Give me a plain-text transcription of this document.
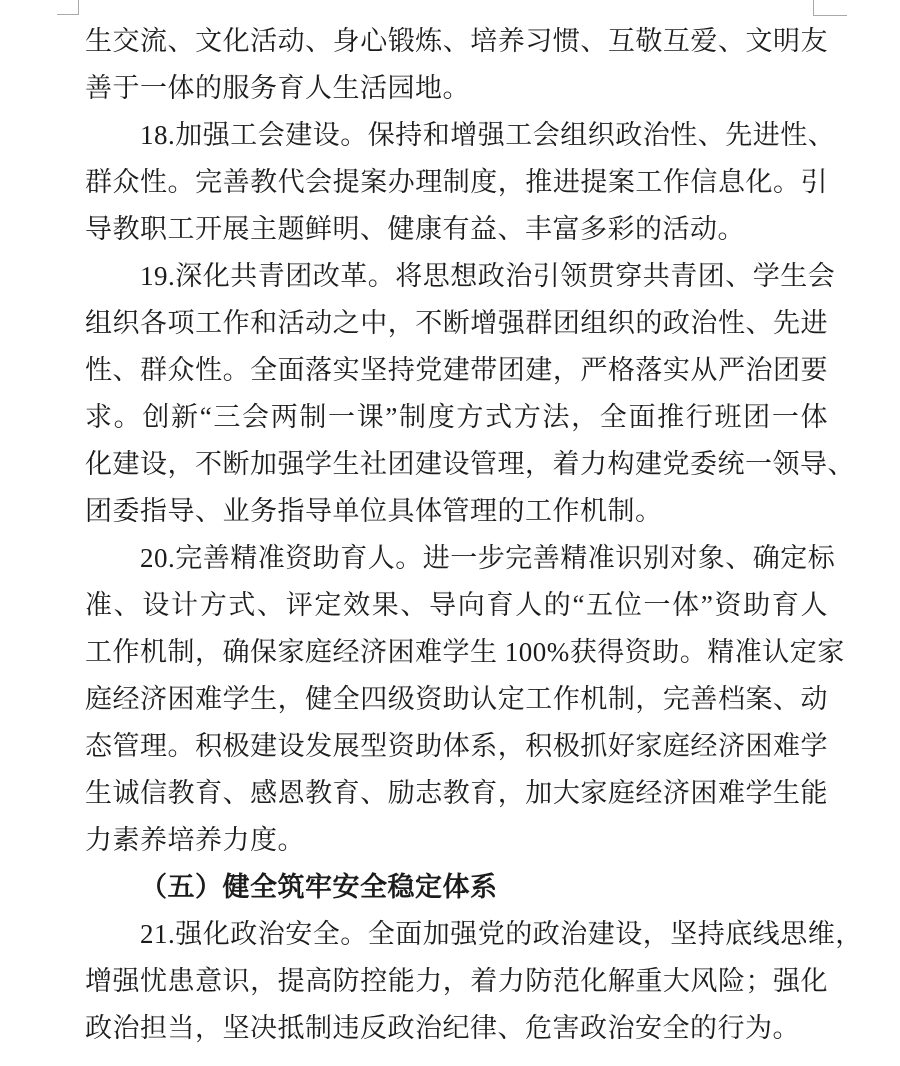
生交流、文化活动、身心锻炼、培养习惯、互敬互爱、文明友
善于一体的服务育人生活园地。
18.加强工会建设。保持和增强工会组织政治性、先进性、
群众性。完善教代会提案办理制度，推进提案工作信息化。引
导教职工开展主题鲜明、健康有益、丰富多彩的活动。
19.深化共青团改革。将思想政治引领贯穿共青团、学生会
组织各项工作和活动之中，不断增强群团组织的政治性、先进
性、群众性。全面落实坚持党建带团建，严格落实从严治团要
求。创新“三会两制一课”制度方式方法，全面推行班团一体
化建设，不断加强学生社团建设管理，着力构建党委统一领导、
团委指导、业务指导单位具体管理的工作机制。
20.完善精准资助育人。进一步完善精准识别对象、确定标
准、设计方式、评定效果、导向育人的“五位一体”资助育人
工作机制，确保家庭经济困难学生 100%获得资助。精准认定家
庭经济困难学生，健全四级资助认定工作机制，完善档案、动
态管理。积极建设发展型资助体系，积极抓好家庭经济困难学
生诚信教育、感恩教育、励志教育，加大家庭经济困难学生能
力素养培养力度。
（五）健全筑牢安全稳定体系
21.强化政治安全。全面加强党的政治建设，坚持底线思维，
增强忧患意识，提高防控能力，着力防范化解重大风险；强化
政治担当，坚决抵制违反政治纪律、危害政治安全的行为。
